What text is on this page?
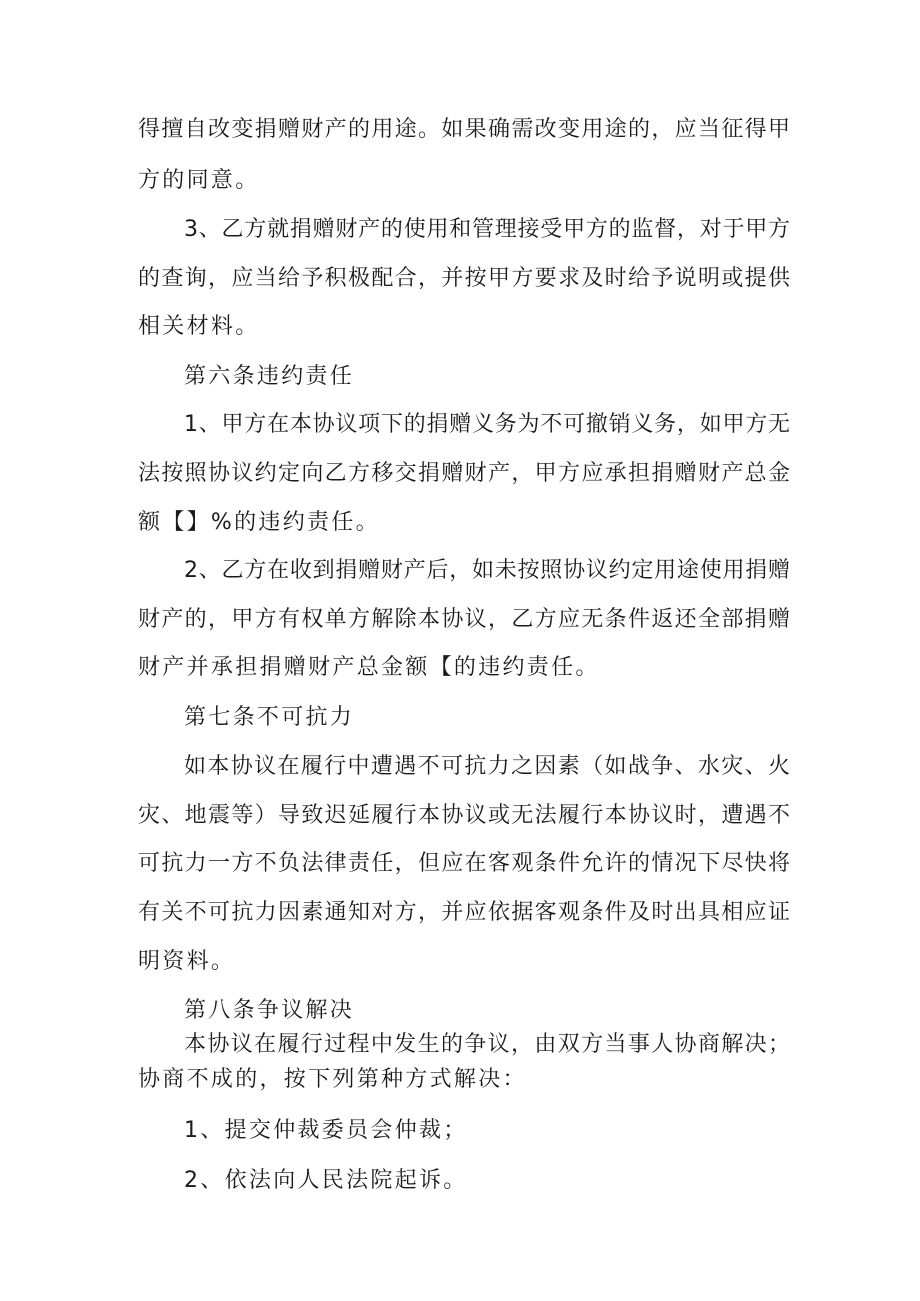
得擅自改变捐赠财产的用途。如果确需改变用途的，应当征得甲
方的同意。
3、乙方就捐赠财产的使用和管理接受甲方的监督，对于甲方
的查询，应当给予积极配合，并按甲方要求及时给予说明或提供
相关材料。
第六条违约责任
1、甲方在本协议项下的捐赠义务为不可撤销义务，如甲方无
法按照协议约定向乙方移交捐赠财产，甲方应承担捐赠财产总金
额【】%的违约责任。
2、乙方在收到捐赠财产后，如未按照协议约定用途使用捐赠
财产的，甲方有权单方解除本协议，乙方应无条件返还全部捐赠
财产并承担捐赠财产总金额【的违约责任。
第七条不可抗力
如本协议在履行中遭遇不可抗力之因素（如战争、水灾、火
灾、地震等）导致迟延履行本协议或无法履行本协议时，遭遇不
可抗力一方不负法律责任，但应在客观条件允许的情况下尽快将
有关不可抗力因素通知对方，并应依据客观条件及时出具相应证
明资料。
第八条争议解决
本协议在履行过程中发生的争议，由双方当事人协商解决；
协商不成的，按下列第种方式解决：
1、提交仲裁委员会仲裁；
2、依法向人民法院起诉。
